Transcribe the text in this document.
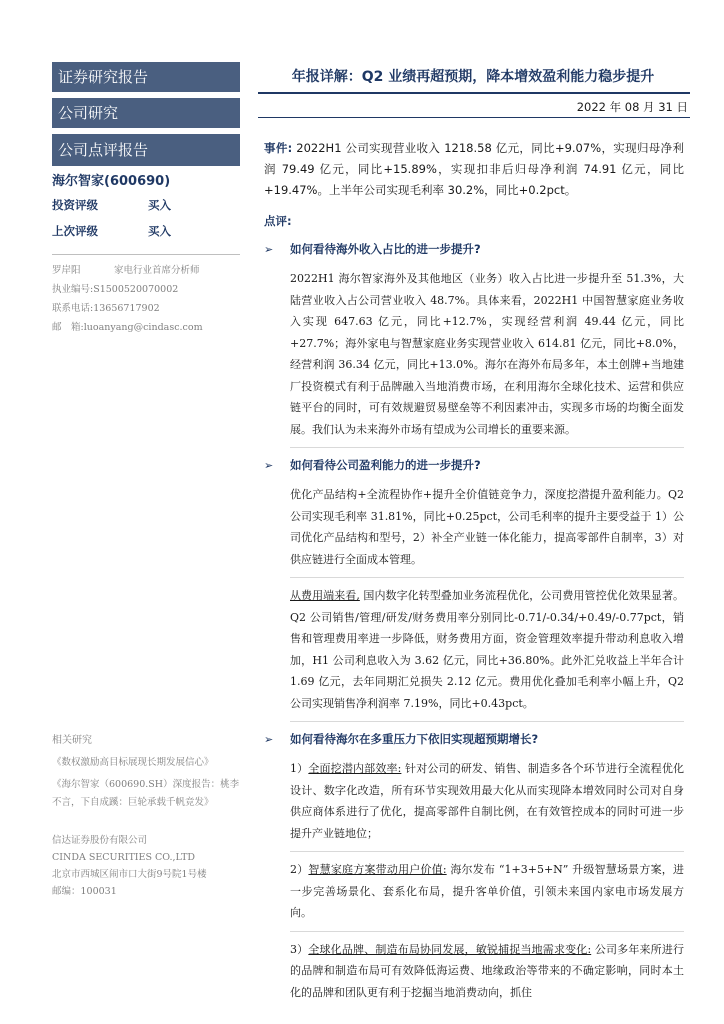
证券研究报告
公司研究
公司点评报告
海尔智家(600690)
投资评级	买入
上次评级	买入
罗岸阳	家电行业首席分析师
执业编号: S1500520070002
联系电话: 13656717902
邮　箱: luoanyang@cindasc.com
相关研究
《数权激励高目标展现长期发展信心》
《海尔智家（600690.SH）深度报告：桃李不言，下自成蹊：巨轮承载千帆竞发》
信达证券股份有限公司
CINDA SECURITIES CO.,LTD
北京市西城区闹市口大街9号院1号楼
邮编：100031
年报详解：Q2 业绩再超预期，降本增效盈利能力稳步提升
2022 年 08 月 31 日
事件: 2022H1 公司实现营业收入 1218.58 亿元，同比+9.07%，实现归母净利润 79.49 亿元，同比+15.89%，实现扣非后归母净利润 74.91 亿元，同比+19.47%。上半年公司实现毛利率 30.2%，同比+0.2pct。
点评:
➢	如何看待海外收入占比的进一步提升?
2022H1 海尔智家海外及其他地区（业务）收入占比进一步提升至 51.3%，大陆营业收入占公司营业收入 48.7%。具体来看，2022H1 中国智慧家庭业务收入实现 647.63 亿元，同比+12.7%，实现经营利润 49.44 亿元，同比+27.7%；海外家电与智慧家庭业务实现营业收入 614.81 亿元，同比+8.0%，经营利润 36.34 亿元，同比+13.0%。海尔在海外布局多年，本土创牌+当地建厂投资模式有利于品牌融入当地消费市场，在利用海尔全球化技术、运营和供应链平台的同时，可有效规避贸易壁垒等不利因素冲击，实现多市场的均衡全面发展。我们认为未来海外市场有望成为公司增长的重要来源。
➢	如何看待公司盈利能力的进一步提升?
优化产品结构+全流程协作+提升全价值链竞争力，深度挖潜提升盈利能力。Q2 公司实现毛利率 31.81%，同比+0.25pct，公司毛利率的提升主要受益于 1）公司优化产品结构和型号，2）补全产业链一体化能力，提高零部件自制率，3）对供应链进行全面成本管理。
从费用端来看, 国内数字化转型叠加业务流程优化，公司费用管控优化效果显著。Q2 公司销售/管理/研发/财务费用率分别同比-0.71/-0.34/+0.49/-0.77pct，销售和管理费用率进一步降低，财务费用方面，资金管理效率提升带动利息收入增加，H1 公司利息收入为 3.62 亿元，同比+36.80%。此外汇兑收益上半年合计 1.69 亿元，去年同期汇兑损失 2.12 亿元。费用优化叠加毛利率小幅上升，Q2 公司实现销售净利润率 7.19%，同比+0.43pct。
➢	如何看待海尔在多重压力下依旧实现超预期增长?
1）全面挖潜内部效率: 针对公司的研发、销售、制造多各个环节进行全流程优化设计、数字化改造，所有环节实现效用最大化从而实现降本增效同时公司对自身供应商体系进行了优化，提高零部件自制比例，在有效管控成本的同时可进一步提升产业链地位；
2）智慧家庭方案带动用户价值: 海尔发布 “1+3+5+N” 升级智慧场景方案，进一步完善场景化、套系化布局，提升客单价值，引领未来国内家电市场发展方向。
3）全球化品牌、制造布局协同发展，敏锐捕捉当地需求变化: 公司多年来所进行的品牌和制造布局可有效降低海运费、地缘政治等带来的不确定影响，同时本土化的品牌和团队更有利于挖掘当地消费动向，抓住
